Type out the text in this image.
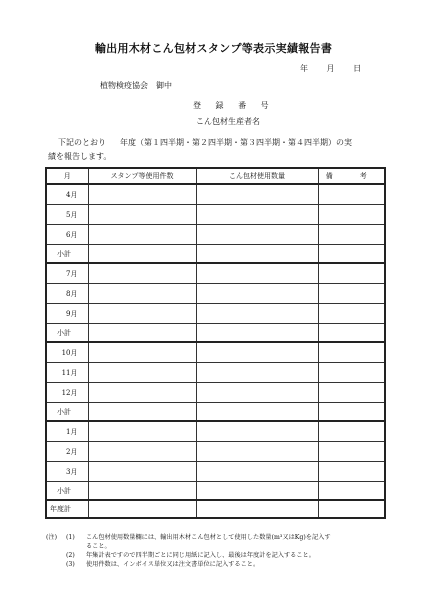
輸出用木材こん包材スタンプ等表示実績報告書
年 月 日
植物検疫協会 御中
登 録 番 号
こん包材生産者名
下記のとおり 年度（第１四半期・第２四半期・第３四半期・第４四半期）の実
績を報告します。
月	スタンプ等使用件数	こん包材使用数量	備　考
4月			
5月			
6月			
小計			
7月			
8月			
9月			
小計			
10月			
11月			
12月			
小計			
1月			
2月			
3月			
小計			
年度計			
(注) (1) こん包材使用数量欄には、輸出用木材こん包材として使用した数量(m³又はKg)を記入す
ること。
(2) 年集計表ですので四半期ごとに同じ用紙に記入し、最後は年度計を記入すること。
(3) 使用件数は、インボイス単位又は注文書単位に記入すること。
